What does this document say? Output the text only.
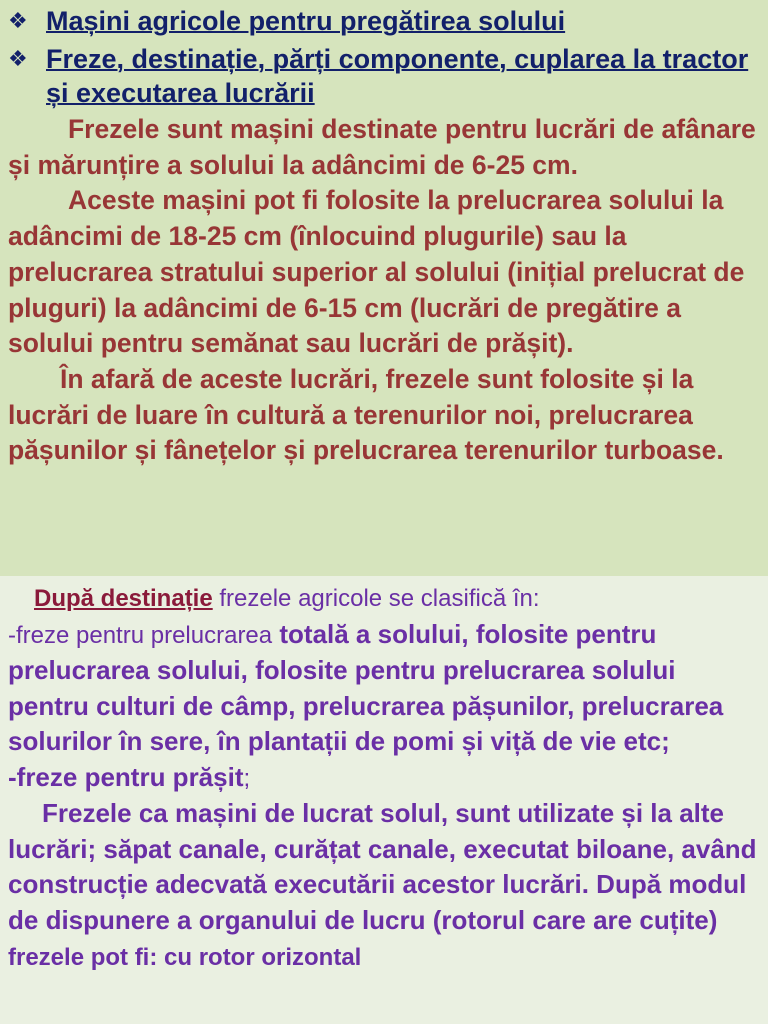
❖ Mașini agricole pentru pregătirea solului
❖ Freze, destinație, părți componente, cuplarea la tractor și executarea lucrării

Frezele sunt mașini destinate pentru lucrări de afânare și mărunțire a solului la adâncimi de 6-25 cm.

Aceste mașini pot fi folosite la prelucrarea solului la adâncimi de 18-25 cm (înlocuind plugurile) sau la prelucrarea stratului superior al solului (inițial prelucrat de pluguri) la adâncimi de 6-15 cm (lucrări de pregătire a solului pentru semănat sau lucrări de prășit).

În afară de aceste lucrări, frezele sunt folosite și la lucrări de luare în cultură a terenurilor noi, prelucrarea pășunilor și fânețelor și prelucrarea terenurilor turboase.

După destinație frezele agricole se clasifică în:

-freze pentru prelucrarea totală a solului, folosite pentru prelucrarea solului, folosite pentru prelucrarea solului pentru culturi de câmp, prelucrarea pășunilor, prelucrarea solurilor în sere, în plantații de pomi și viță de vie etc;

-freze pentru prășit;

Frezele ca mașini de lucrat solul, sunt utilizate și la alte lucrări; săpat canale, curățat canale, executat biloane, având construcție adecvată executării acestor lucrări. După modul de dispunere a organului de lucru (rotorul care are cuțite) frezele pot fi: cu rotor orizontal
